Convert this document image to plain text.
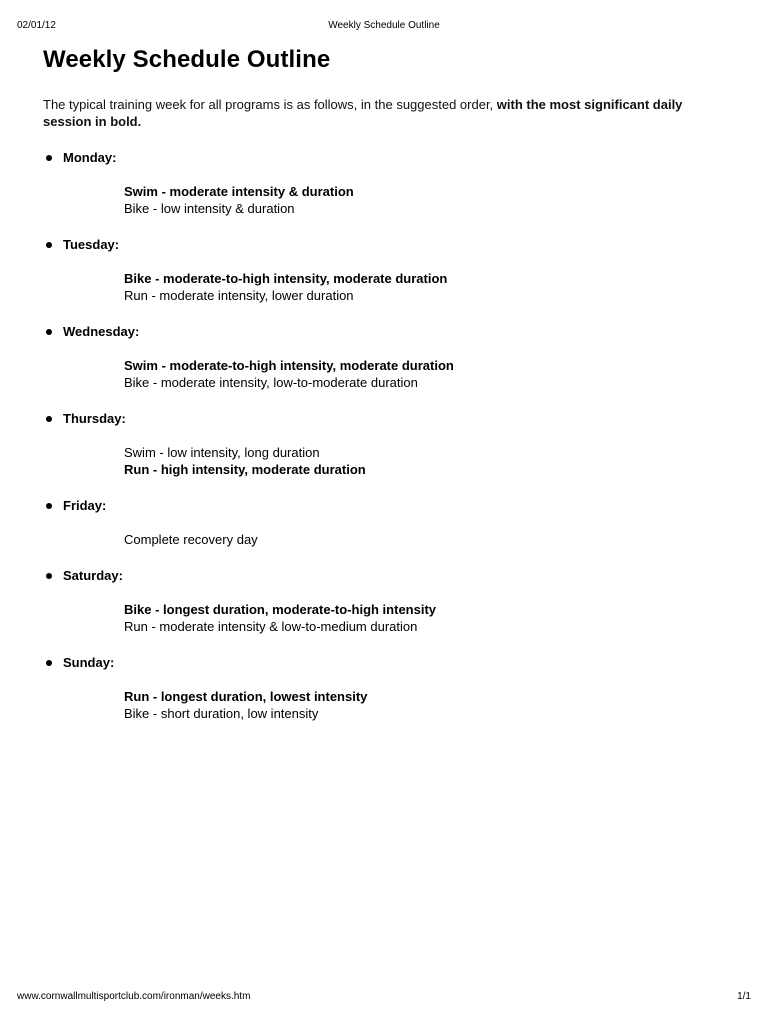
02/01/12	Weekly Schedule Outline
Weekly Schedule Outline

The typical training week for all programs is as follows, in the suggested order, with the most significant daily session in bold.

Monday:
Swim - moderate intensity & duration
Bike - low intensity & duration
Tuesday:
Bike - moderate-to-high intensity, moderate duration
Run - moderate intensity, lower duration
Wednesday:
Swim - moderate-to-high intensity, moderate duration
Bike - moderate intensity, low-to-moderate duration
Thursday:
Swim - low intensity, long duration
Run - high intensity, moderate duration
Friday:
Complete recovery day
Saturday:
Bike - longest duration, moderate-to-high intensity
Run - moderate intensity & low-to-medium duration
Sunday:
Run - longest duration, lowest intensity
Bike - short duration, low intensity
www.cornwallmultisportclub.com/ironman/weeks.htm	1/1
